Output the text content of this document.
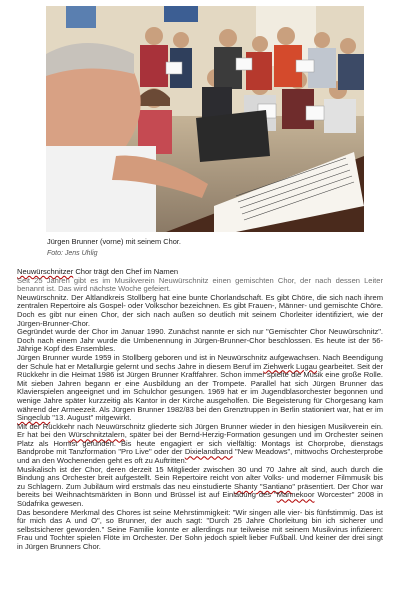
Jürgen Brunner (vorne) mit seinem Chor.
Foto: Jens Uhlig

Neuwürschnitzer Chor trägt den Chef im Namen

Seit 25 Jahren gibt es im Musikverein Neuwürschnitz einen gemischten Chor, der nach dessen Leiter benannt ist. Das wird nächste Woche gefeiert.

Neuwürschnitz. Der Altlandkreis Stollberg hat eine bunte Chorlandschaft. Es gibt Chöre, die sich nach ihrem zentralen Repertoire als Gospel- oder Volkschor bezeichnen. Es gibt Frauen-, Männer- und gemischte Chöre. Doch es gibt nur einen Chor, der sich nach außen so deutlich mit seinem Chorleiter identifiziert, wie der Jürgen-Brunner-Chor.

Gegründet wurde der Chor im Januar 1990. Zunächst nannte er sich nur "Gemischter Chor Neuwürschnitz". Doch nach einem Jahr wurde die Umbenennung in Jürgen-Brunner-Chor beschlossen. Es heute ist der 56-Jährige Kopf des Ensembles.

Jürgen Brunner wurde 1959 in Stollberg geboren und ist in Neuwürschnitz aufgewachsen. Nach Beendigung der Schule hat er Metallurgie gelernt und sechs Jahre in diesem Beruf im Ziehwerk Lugau gearbeitet. Seit der Rückkehr in die Heimat 1986 ist Jürgen Brunner Kraftfahrer. Schon immer spielte die Musik eine große Rolle. Mit sieben Jahren begann er eine Ausbildung an der Trompete. Parallel hat sich Jürgen Brunner das Klavierspielen angeeignet und im Schulchor gesungen. 1969 hat er im Jugendblasorchester begonnen und wenige Jahre später kurzzeitig als Kantor in der Kirche ausgeholfen. Die Begeisterung für Chorgesang kam während der Armeezeit. Als Jürgen Brunner 1982/83 bei den Grenztruppen in Berlin stationiert war, hat er im Singeclub "13. August" mitgewirkt.

Mit der Rückkehr nach Neuwürschnitz gliederte sich Jürgen Brunner wieder in den hiesigen Musikverein ein. Er hat bei den Würschnitztalern, später bei der Bernd-Herzig-Formation gesungen und im Orchester seinen Platz als Hornist gefunden. Bis heute engagiert er sich vielfältig: Montags ist Chorprobe, dienstags Bandprobe mit Tanzformation "Pro Live" oder der Dixielandband "New Meadows", mittwochs Orchesterprobe und an den Wochenenden geht es oft zu Auftritten.

Musikalisch ist der Chor, deren derzeit 15 Mitglieder zwischen 30 und 70 Jahre alt sind, auch durch die Bindung ans Orchester breit aufgestellt. Sein Repertoire reicht von alter Volks- und moderner Filmmusik bis zu Schlagern. Zum Jubiläum wird erstmals das neu einstudierte Shanty "Santiano" präsentiert. Der Chor war bereits bei Weihnachtsmärkten in Bonn und Brüssel ist auf Einladung des "Mannekoor Worcester" 2008 in Südafrika gewesen.

Das besondere Merkmal des Chores ist seine Mehrstimmigkeit: "Wir singen alle vier- bis fünfstimmig. Das ist für mich das A und O", so Brunner, der auch sagt: "Durch 25 Jahre Chorleitung bin ich sicherer und selbstsicherer geworden." Seine Familie konnte er allerdings nur teilweise mit seinem Musikvirus infizieren: Frau und Tochter spielen Flöte im Orchester. Der Sohn jedoch spielt lieber Fußball. Und keiner der drei singt in Jürgen Brunners Chor.
